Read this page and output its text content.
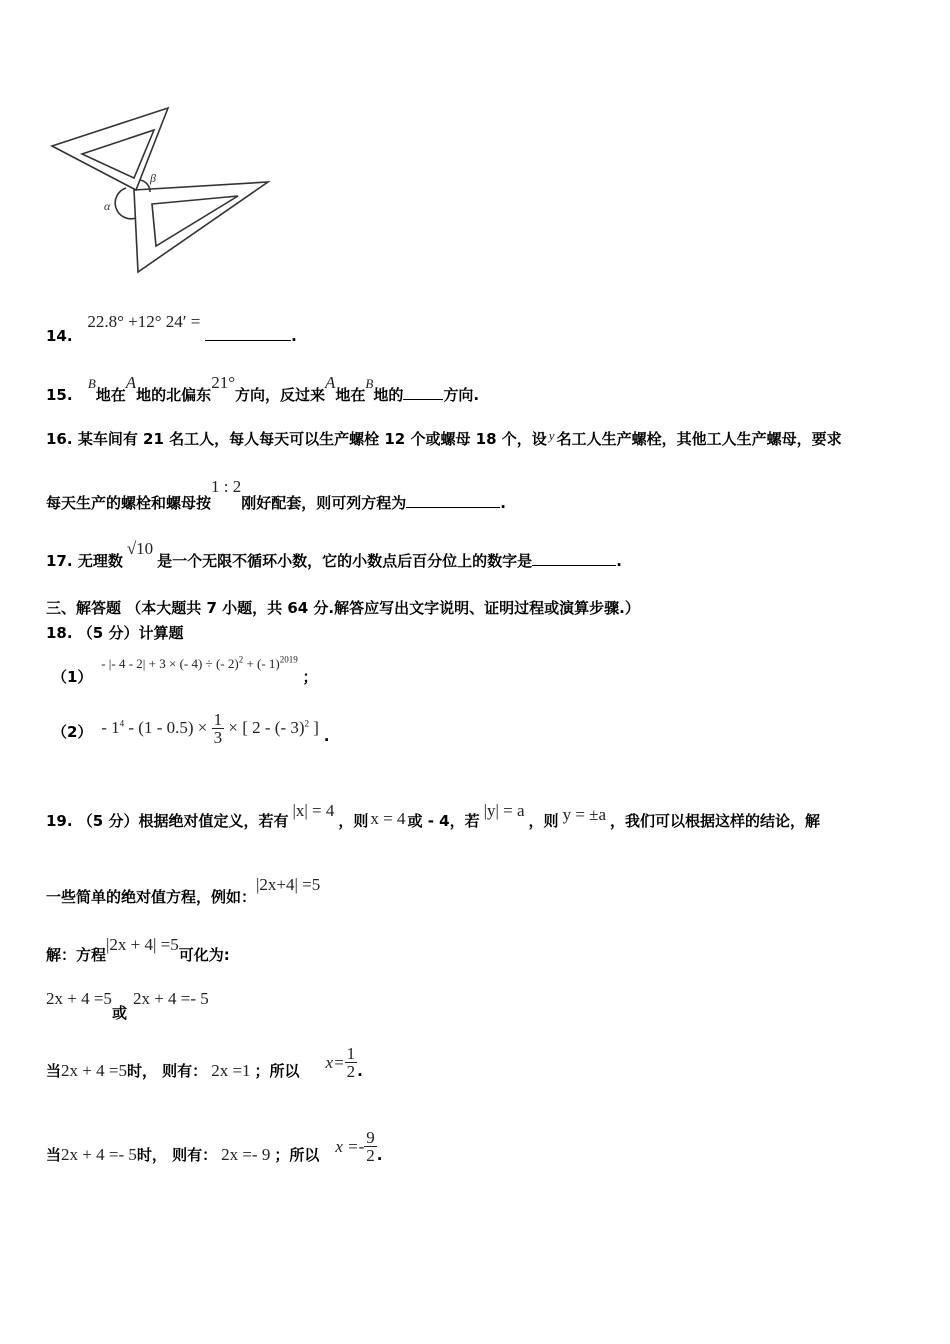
α
β
14. 22.8° +12° 24′ = .
15. B地在A地的北偏东21°方向，反过来A地在B地的	方向.
16. 某车间有 21 名工人，每人每天可以生产螺栓 12 个或螺母 18 个，设 y 名工人生产螺栓，其他工人生产螺母，要求
每天生产的螺栓和螺母按1 : 2刚好配套，则可列方程为	.
17. 无理数√10是一个无限不循环小数，它的小数点后百分位上的数字是	.
三、解答题 （本大题共 7 小题，共 64 分.解答应写出文字说明、证明过程或演算步骤.）
18. （5 分）计算题
（1） - |- 4 - 2| + 3 × (- 4) ÷ (- 2)$^2$ + (- 1)$^{2019}$ ；
$(2) - 1^4 - (1 - 0.5) \times \frac{1}{3}$ × [ 2 - (- 3)$^2$ ] .
19. （5 分）根据绝对值定义，若有|x| = 4，则 x = 4 或 - 4，若|y| = a，则 y = ±a ，我们可以根据这样的结论，解
一些简单的绝对值方程，例如：|2x+4| =5
解：方程|2x + 4| =5可化为:
2x + 4 =5或2x + 4 =- 5
当2x + 4 =5时， 则有： 2x =1 ；所以 $x= \frac{1}{2}$ .
当2x + 4 =- 5时， 则有： 2x =- 9 ；所以 $x =- \frac{9}{2}$ .
